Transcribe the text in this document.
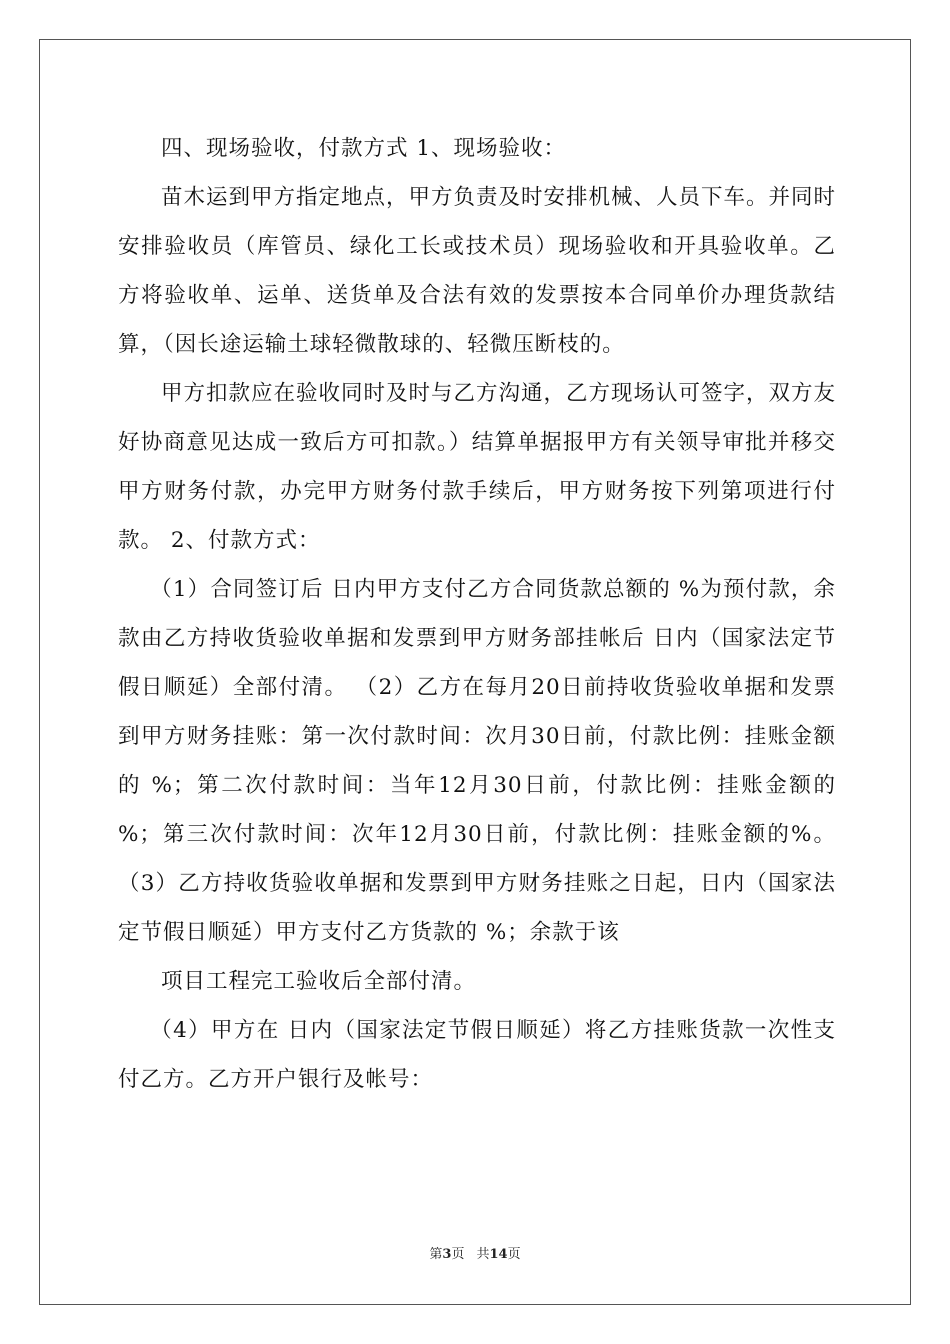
四、现场验收，付款方式 1、现场验收：

苗木运到甲方指定地点，甲方负责及时安排机械、人员下车。并同时安排验收员（库管员、绿化工长或技术员）现场验收和开具验收单。乙方将验收单、运单、送货单及合法有效的发票按本合同单价办理货款结算，（因长途运输土球轻微散球的、轻微压断枝的。

甲方扣款应在验收同时及时与乙方沟通，乙方现场认可签字，双方友好协商意见达成一致后方可扣款。）结算单据报甲方有关领导审批并移交甲方财务付款，办完甲方财务付款手续后，甲方财务按下列第项进行付款。 2、付款方式：

（1）合同签订后 日内甲方支付乙方合同货款总额的 %为预付款，余款由乙方持收货验收单据和发票到甲方财务部挂帐后 日内（国家法定节假日顺延）全部付清。 （2）乙方在每月20日前持收货验收单据和发票到甲方财务挂账：第一次付款时间：次月30日前，付款比例：挂账金额的 %；第二次付款时间：当年12月30日前，付款比例：挂账金额的 %；第三次付款时间：次年12月30日前，付款比例：挂账金额的%。 （3）乙方持收货验收单据和发票到甲方财务挂账之日起，日内（国家法定节假日顺延）甲方支付乙方货款的 %；余款于该

项目工程完工验收后全部付清。

（4）甲方在 日内（国家法定节假日顺延）将乙方挂账货款一次性支付乙方。乙方开户银行及帐号：

第3页 共14页
